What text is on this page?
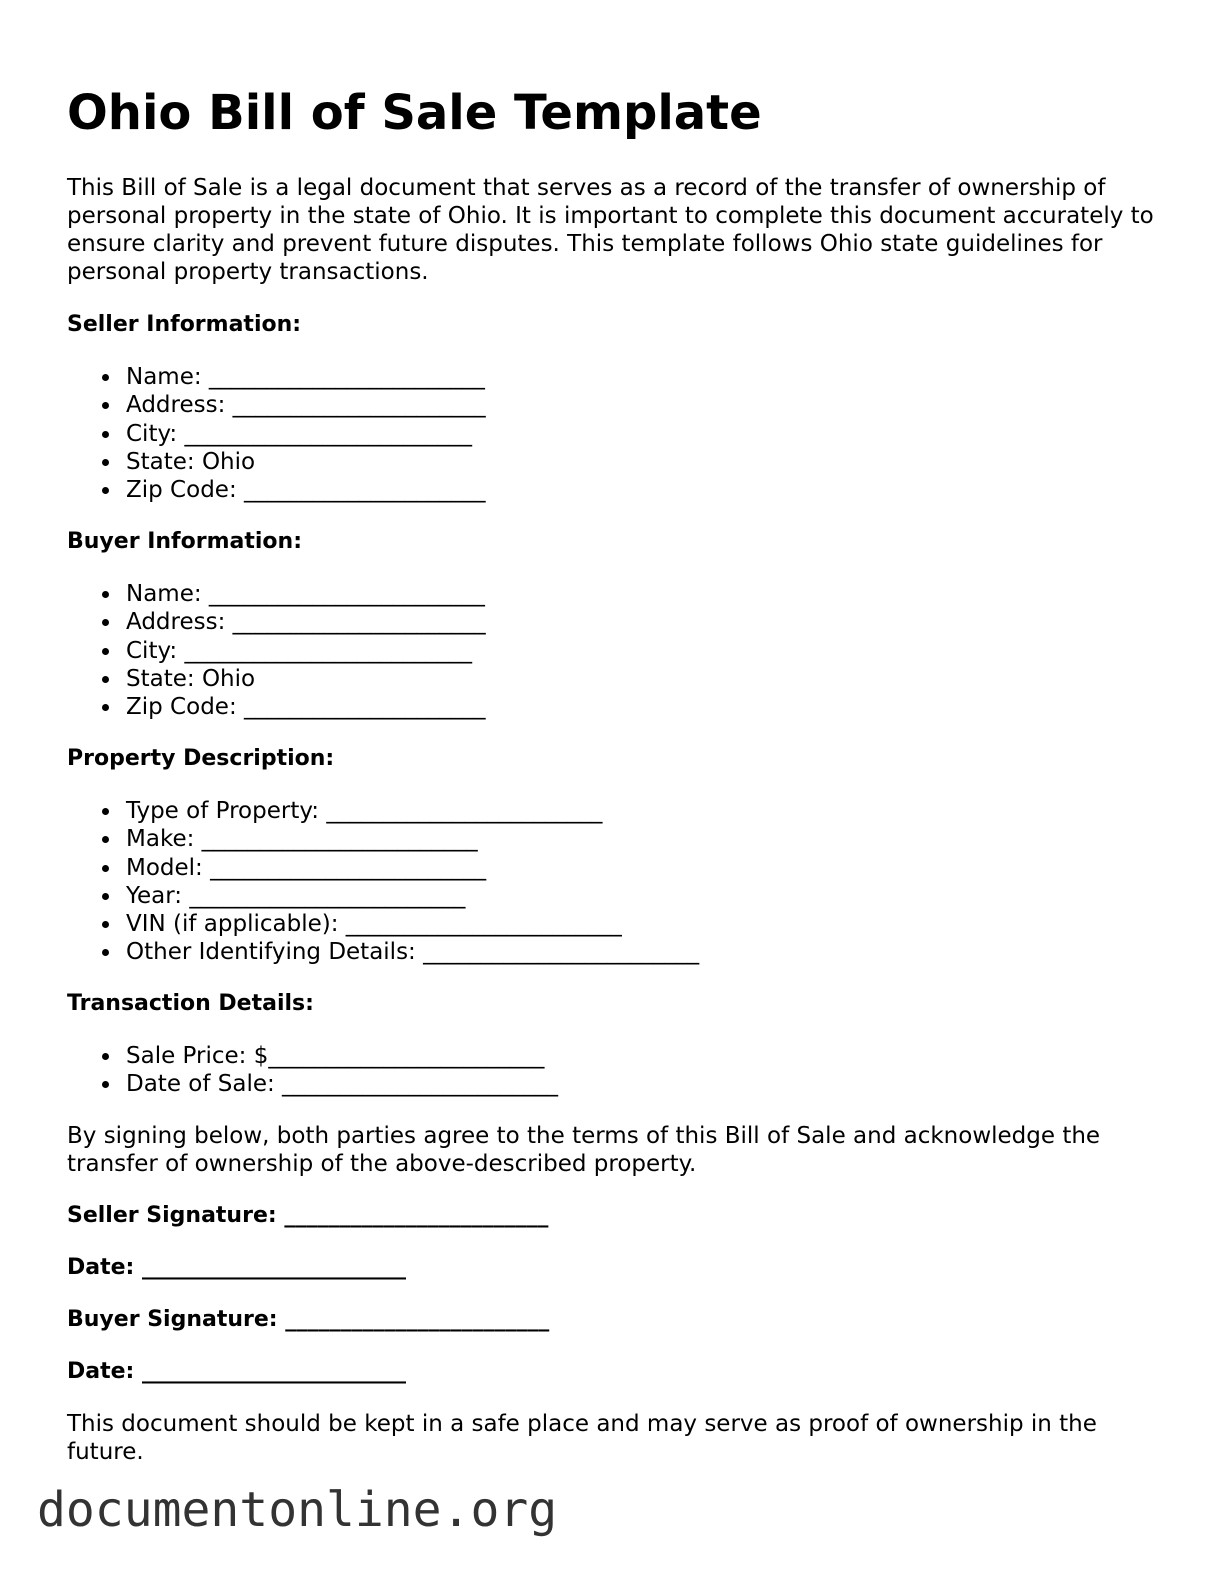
Ohio Bill of Sale Template

This Bill of Sale is a legal document that serves as a record of the transfer of ownership of personal property in the state of Ohio. It is important to complete this document accurately to ensure clarity and prevent future disputes. This template follows Ohio state guidelines for personal property transactions.

Seller Information:

Name: ________________________
Address: ______________________
City: _________________________
State: Ohio
Zip Code: _____________________

Buyer Information:

Name: ________________________
Address: ______________________
City: _________________________
State: Ohio
Zip Code: _____________________

Property Description:

Type of Property: ________________________
Make: ________________________
Model: ________________________
Year: ________________________
VIN (if applicable): ________________________
Other Identifying Details: ________________________

Transaction Details:

Sale Price: $________________________
Date of Sale: ________________________

By signing below, both parties agree to the terms of this Bill of Sale and acknowledge the transfer of ownership of the above-described property.

Seller Signature: ________________________

Date: ________________________

Buyer Signature: ________________________

Date: ________________________

This document should be kept in a safe place and may serve as proof of ownership in the future.

documentonline.org
